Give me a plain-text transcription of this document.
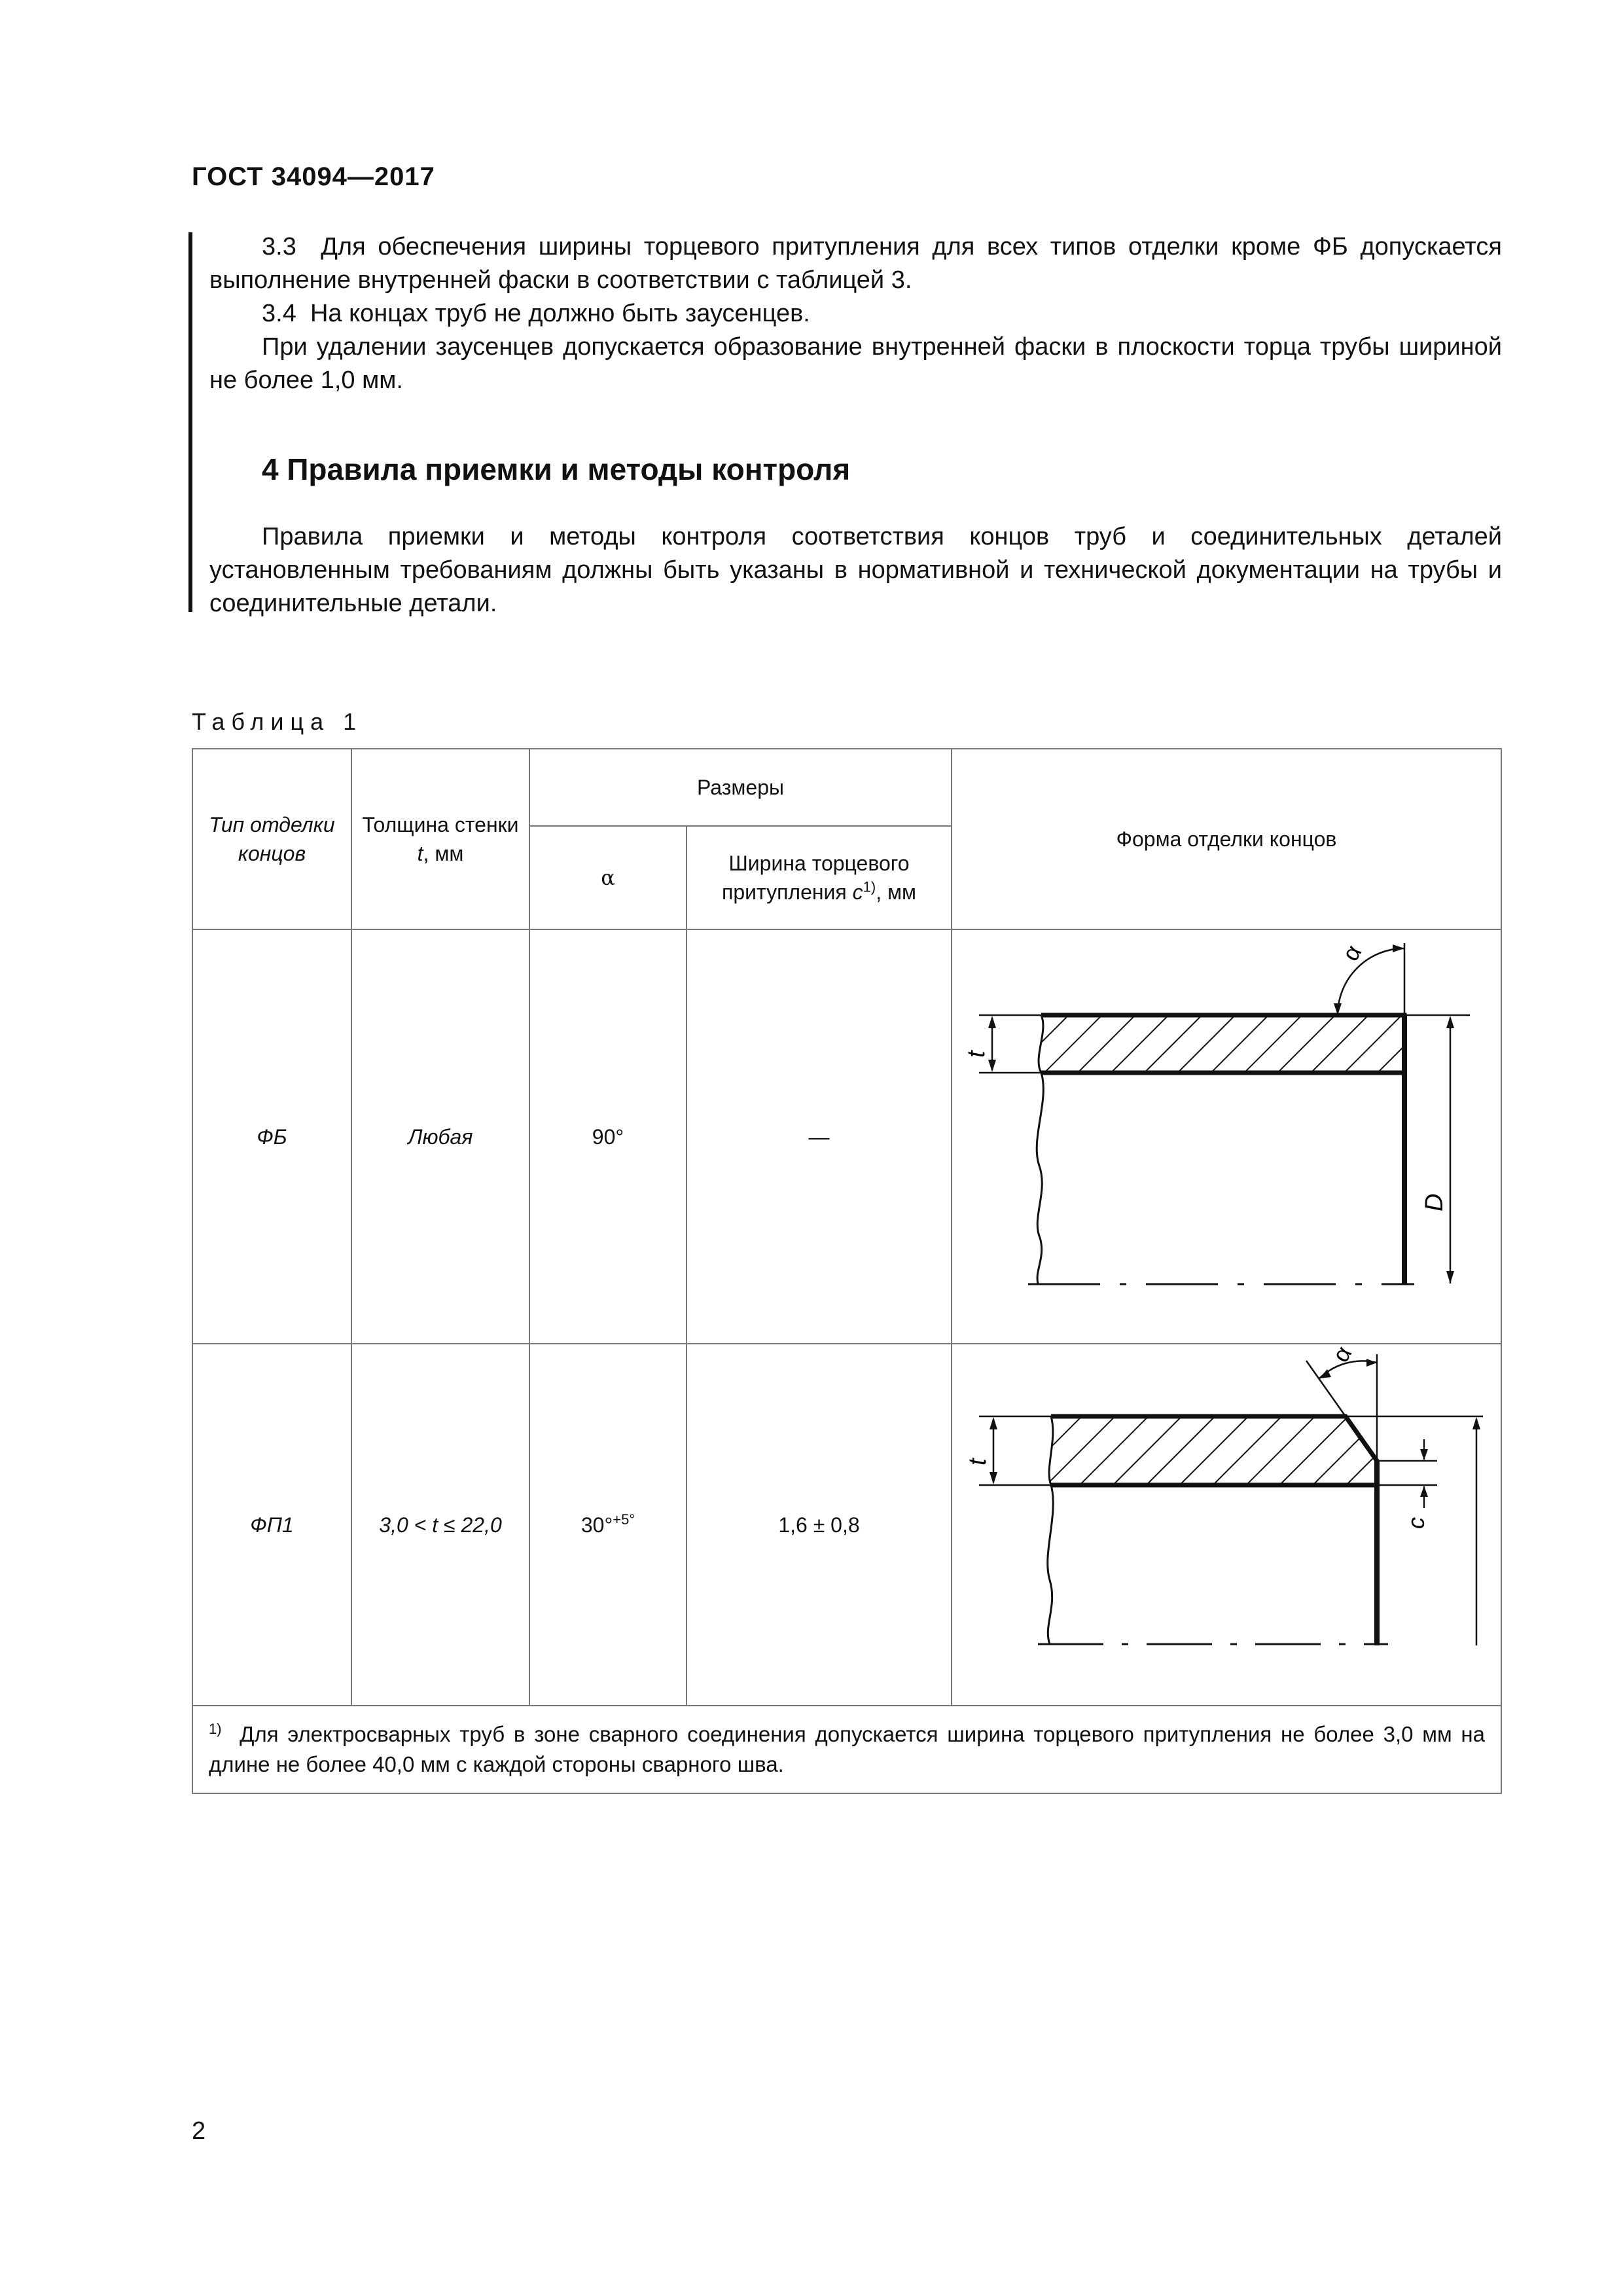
ГОСТ 34094—2017
3.3 Для обеспечения ширины торцевого притупления для всех типов отделки кроме ФБ допускается выполнение внутренней фаски в соответствии с таблицей 3.
3.4 На концах труб не должно быть заусенцев.
При удалении заусенцев допускается образование внутренней фаски в плоскости торца трубы шириной не более 1,0 мм.
4 Правила приемки и методы контроля
Правила приемки и методы контроля соответствия концов труб и соединительных деталей установленным требованиям должны быть указаны в нормативной и технической документации на трубы и соединительные детали.
Таблица 1
Тип отделки концов	Толщина стенки t, мм	Размеры		Форма отделки концов
		α	Ширина торцевого притупления $c^{1)}$, мм	
ФБ	Любая	90°	—	t
D
α

ФП1	3,0 < t ≤ 22,0	30°$^{+5^\circ}$	1,6 ± 0,8	t
c
α

$^{1)}$ Для электросварных труб в зоне сварного соединения допускается ширина торцевого притупления не более 3,0 мм на длине не более 40,0 мм с каждой стороны сварного шва.				
2
